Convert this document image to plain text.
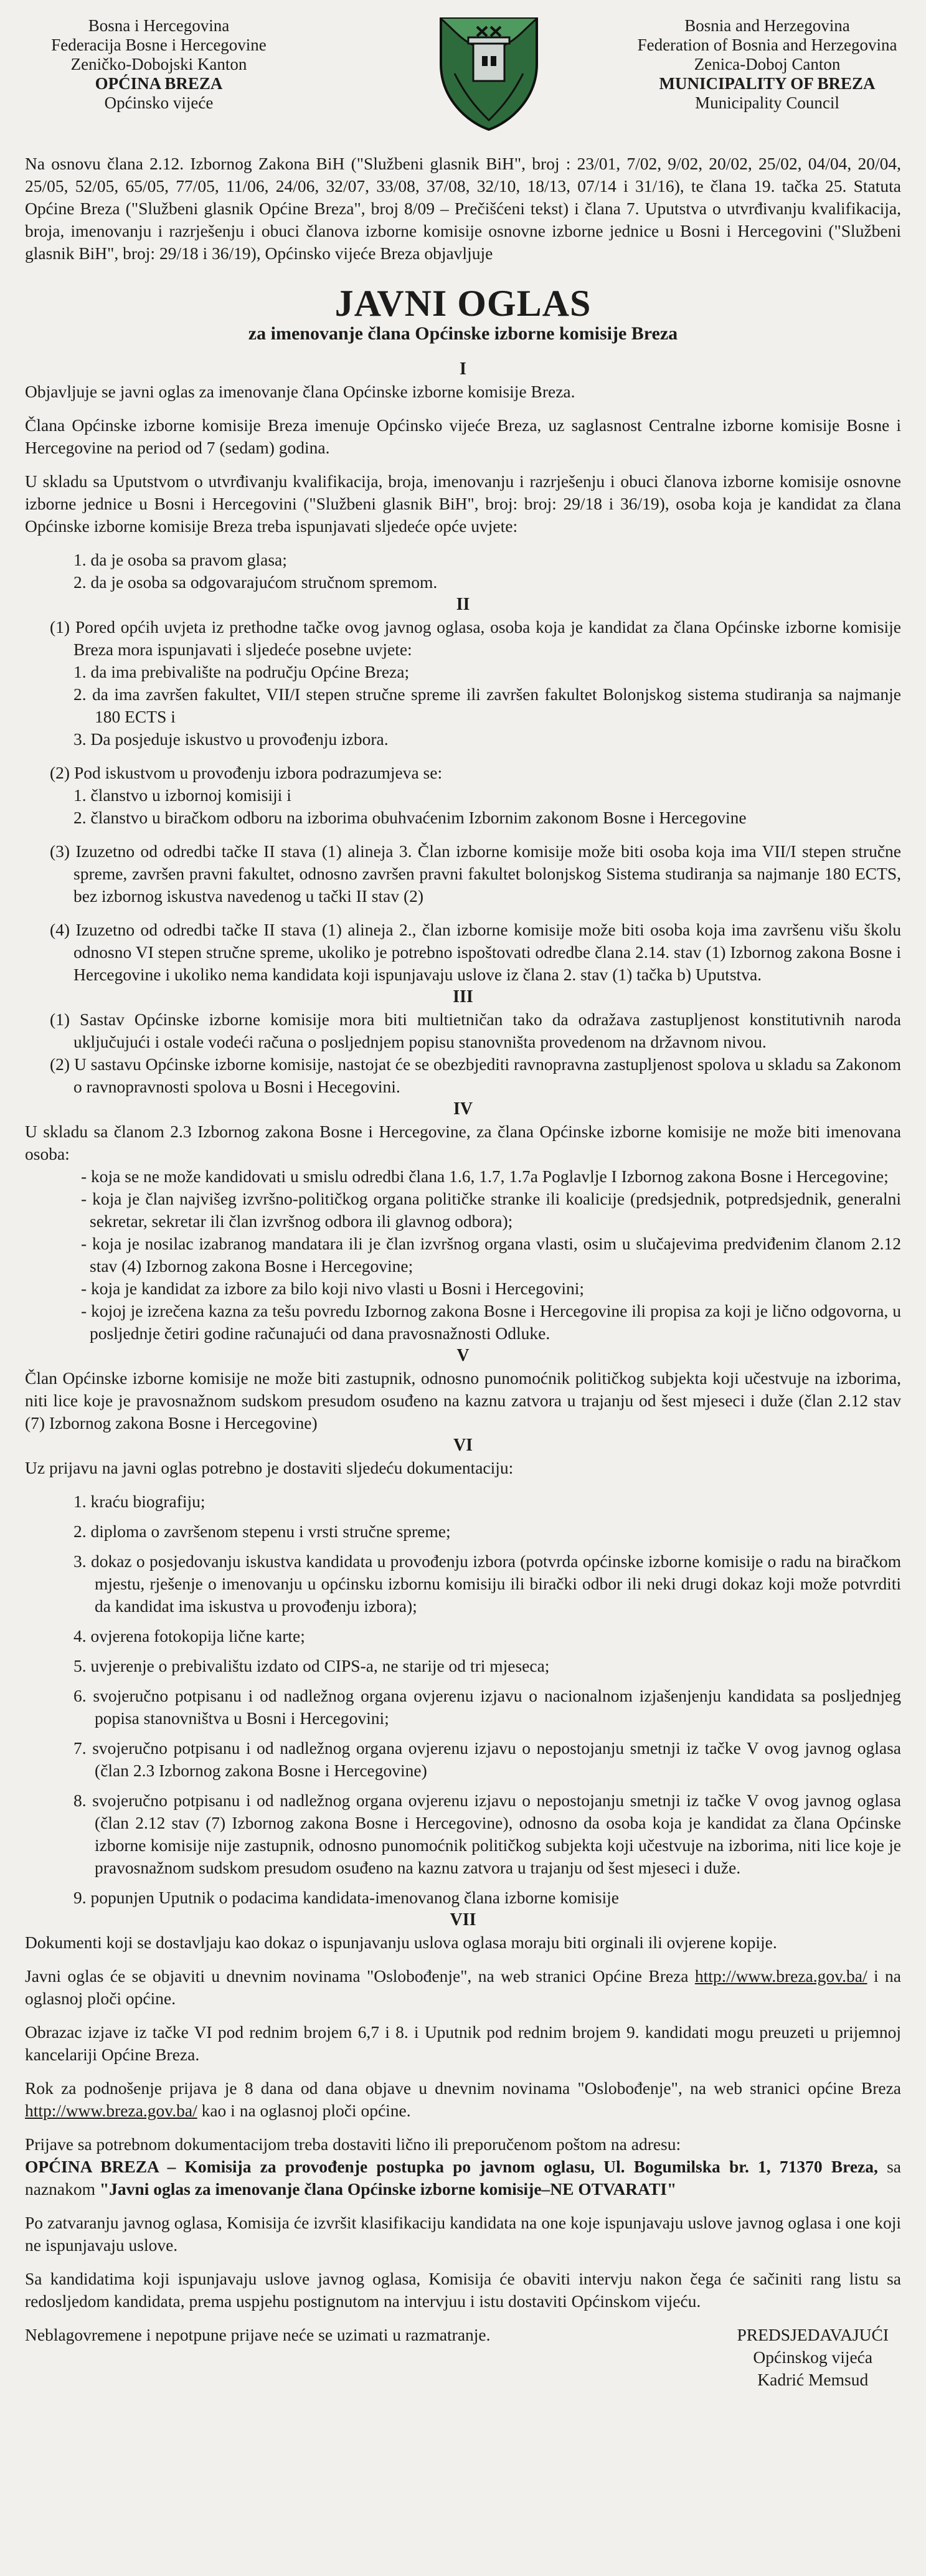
Bosna i Hercegovina
Federacija Bosne i Hercegovine
Zeničko-Dobojski Kanton
OPĆINA BREZA
Općinsko vijeće
Bosnia and Herzegovina
Federation of Bosnia and Herzegovina
Zenica-Doboj Canton
MUNICIPALITY OF BREZA
Municipality Council

Na osnovu člana 2.12. Izbornog Zakona BiH ("Službeni glasnik BiH", broj : 23/01, 7/02, 9/02, 20/02, 25/02, 04/04, 20/04, 25/05, 52/05, 65/05, 77/05, 11/06, 24/06, 32/07, 33/08, 37/08, 32/10, 18/13, 07/14 i 31/16), te člana 19. tačka 25. Statuta Općine Breza ("Službeni glasnik Općine Breza", broj 8/09 – Prečišćeni tekst) i člana 7. Uputstva o utvrđivanju kvalifikacija, broja, imenovanju i razrješenju i obuci članova izborne komisije osnovne izborne jednice u Bosni i Hercegovini ("Službeni glasnik BiH", broj: 29/18 i 36/19), Općinsko vijeće Breza objavljuje

JAVNI OGLAS
za imenovanje člana Općinske izborne komisije Breza
I

Objavljuje se javni oglas za imenovanje člana Općinske izborne komisije Breza.

Člana Općinske izborne komisije Breza imenuje Općinsko vijeće Breza, uz saglasnost Centralne izborne komisije Bosne i Hercegovine na period od 7 (sedam) godina.

U skladu sa Uputstvom o utvrđivanju kvalifikacija, broja, imenovanju i razrješenju i obuci članova izborne komisije osnovne izborne jednice u Bosni i Hercegovini ("Službeni glasnik BiH", broj: broj: 29/18 i 36/19), osoba koja je kandidat za člana Općinske izborne komisije Breza treba ispunjavati sljedeće opće uvjete:

1. da je osoba sa pravom glasa;

2. da je osoba sa odgovarajućom stručnom spremom.

II

(1) Pored općih uvjeta iz prethodne tačke ovog javnog oglasa, osoba koja je kandidat za člana Općinske izborne komisije Breza mora ispunjavati i sljedeće posebne uvjete:

1. da ima prebivalište na području Općine Breza;

2. da ima završen fakultet, VII/I stepen stručne spreme ili završen fakultet Bolonjskog sistema studiranja sa najmanje 180 ECTS i

3. Da posjeduje iskustvo u provođenju izbora.

(2) Pod iskustvom u provođenju izbora podrazumjeva se:

1. članstvo u izbornoj komisiji i

2. članstvo u biračkom odboru na izborima obuhvaćenim Izbornim zakonom Bosne i Hercegovine

(3) Izuzetno od odredbi tačke II stava (1) alineja 3. Član izborne komisije može biti osoba koja ima VII/I stepen stručne spreme, završen pravni fakultet, odnosno završen pravni fakultet bolonjskog Sistema studiranja sa najmanje 180 ECTS, bez izbornog iskustva navedenog u tački II stav (2)

(4) Izuzetno od odredbi tačke II stava (1) alineja 2., član izborne komisije može biti osoba koja ima završenu višu školu odnosno VI stepen stručne spreme, ukoliko je potrebno ispoštovati odredbe člana 2.14. stav (1) Izbornog zakona Bosne i Hercegovine i ukoliko nema kandidata koji ispunjavaju uslove iz člana 2. stav (1) tačka b) Uputstva.

III

(1) Sastav Općinske izborne komisije mora biti multietničan tako da odražava zastupljenost konstitutivnih naroda uključujući i ostale vodeći računa o posljednjem popisu stanovništa provedenom na državnom nivou.

(2) U sastavu Općinske izborne komisije, nastojat će se obezbjediti ravnopravna zastupljenost spolova u skladu sa Zakonom o ravnopravnosti spolova u Bosni i Hecegovini.

IV

U skladu sa članom 2.3 Izbornog zakona Bosne i Hercegovine, za člana Općinske izborne komisije ne može biti imenovana osoba:

- koja se ne može kandidovati u smislu odredbi člana 1.6, 1.7, 1.7a Poglavlje I Izbornog zakona Bosne i Hercegovine;

- koja je član najvišeg izvršno-političkog organa političke stranke ili koalicije (predsjednik, potpredsjednik, generalni sekretar, sekretar ili član izvršnog odbora ili glavnog odbora);

- koja je nosilac izabranog mandatara ili je član izvršnog organa vlasti, osim u slučajevima predviđenim članom 2.12 stav (4) Izbornog zakona Bosne i Hercegovine;

- koja je kandidat za izbore za bilo koji nivo vlasti u Bosni i Hercegovini;

- kojoj je izrečena kazna za tešu povredu Izbornog zakona Bosne i Hercegovine ili propisa za koji je lično odgovorna, u posljednje četiri godine računajući od dana pravosnažnosti Odluke.

V

Član Općinske izborne komisije ne može biti zastupnik, odnosno punomoćnik političkog subjekta koji učestvuje na izborima, niti lice koje je pravosnažnom sudskom presudom osuđeno na kaznu zatvora u trajanju od šest mjeseci i duže (član 2.12 stav (7) Izbornog zakona Bosne i Hercegovine)

VI

Uz prijavu na javni oglas potrebno je dostaviti sljedeću dokumentaciju:

1. kraću biografiju;

2. diploma o završenom stepenu i vrsti stručne spreme;

3. dokaz o posjedovanju iskustva kandidata u provođenju izbora (potvrda općinske izborne komisije o radu na biračkom mjestu, rješenje o imenovanju u općinsku izbornu komisiju ili birački odbor ili neki drugi dokaz koji može potvrditi da kandidat ima iskustva u provođenju izbora);

4. ovjerena fotokopija lične karte;

5. uvjerenje o prebivalištu izdato od CIPS-a, ne starije od tri mjeseca;

6. svojeručno potpisanu i od nadležnog organa ovjerenu izjavu o nacionalnom izjašenjenju kandidata sa posljednjeg popisa stanovništva u Bosni i Hercegovini;

7. svojeručno potpisanu i od nadležnog organa ovjerenu izjavu o nepostojanju smetnji iz tačke V ovog javnog oglasa (član 2.3 Izbornog zakona Bosne i Hercegovine)

8. svojeručno potpisanu i od nadležnog organa ovjerenu izjavu o nepostojanju smetnji iz tačke V ovog javnog oglasa (član 2.12 stav (7) Izbornog zakona Bosne i Hercegovine), odnosno da osoba koja je kandidat za člana Općinske izborne komisije nije zastupnik, odnosno punomoćnik političkog subjekta koji učestvuje na izborima, niti lice koje je pravosnažnom sudskom presudom osuđeno na kaznu zatvora u trajanju od šest mjeseci i duže.

9. popunjen Uputnik o podacima kandidata-imenovanog člana izborne komisije

VII

Dokumenti koji se dostavljaju kao dokaz o ispunjavanju uslova oglasa moraju biti orginali ili ovjerene kopije.

Javni oglas će se objaviti u dnevnim novinama "Oslobođenje", na web stranici Općine Breza http://www.breza.gov.ba/ i na oglasnoj ploči općine.

Obrazac izjave iz tačke VI pod rednim brojem 6,7 i 8. i Uputnik pod rednim brojem 9. kandidati mogu preuzeti u prijemnoj kancelariji Općine Breza.

Rok za podnošenje prijava je 8 dana od dana objave u dnevnim novinama "Oslobođenje", na web stranici općine Breza http://www.breza.gov.ba/ kao i na oglasnoj ploči općine.

Prijave sa potrebnom dokumentacijom treba dostaviti lično ili preporučenom poštom na adresu:

OPĆINA BREZA – Komisija za provođenje postupka po javnom oglasu, Ul. Bogumilska br. 1, 71370 Breza, sa naznakom "Javni oglas za imenovanje člana Općinske izborne komisije–NE OTVARATI"

Po zatvaranju javnog oglasa, Komisija će izvršit klasifikaciju kandidata na one koje ispunjavaju uslove javnog oglasa i one koji ne ispunjavaju uslove.

Sa kandidatima koji ispunjavaju uslove javnog oglasa, Komisija će obaviti intervju nakon čega će sačiniti rang listu sa redosljedom kandidata, prema uspjehu postignutom na intervjuu i istu dostaviti Općinskom vijeću.

Neblagovremene i nepotpune prijave neće se uzimati u razmatranje.	PREDSJEDAVAJUĆI
Općinskog vijeća
Kadrić Memsud
